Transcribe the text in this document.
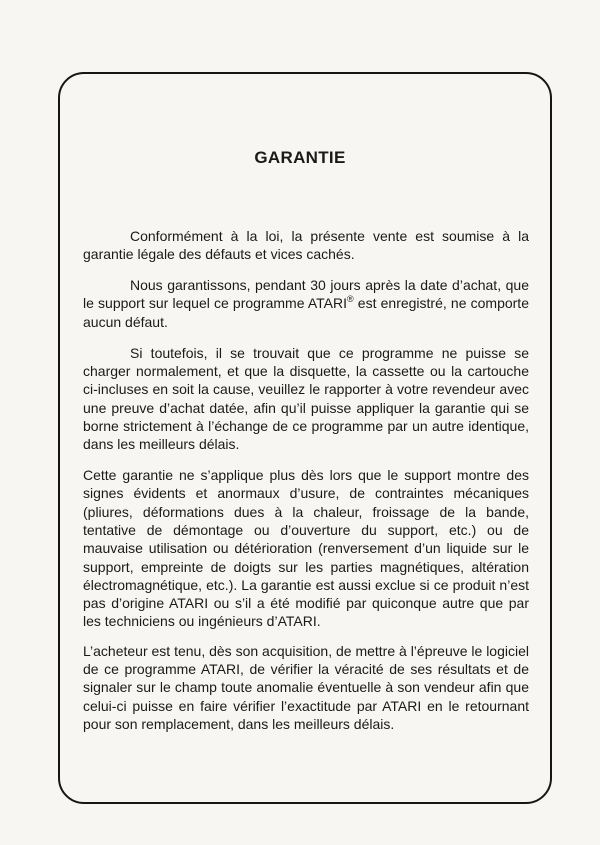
GARANTIE

Conformément à la loi, la présente vente est soumise à la garantie légale des défauts et vices cachés.

Nous garantissons, pendant 30 jours après la date d’achat, que le support sur lequel ce programme ATARI® est enregistré, ne comporte aucun défaut.

Si toutefois, il se trouvait que ce programme ne puisse se charger normalement, et que la disquette, la cassette ou la cartouche ci-incluses en soit la cause, veuillez le rapporter à votre revendeur avec une preuve d’achat datée, afin qu’il puisse appliquer la garantie qui se borne strictement à l’échange de ce programme par un autre identique, dans les meilleurs délais.

Cette garantie ne s’applique plus dès lors que le support montre des signes évidents et anormaux d’usure, de contraintes mécaniques (pliures, déformations dues à la chaleur, froissage de la bande, tentative de démontage ou d’ouverture du support, etc.) ou de mauvaise utilisation ou détérioration (renversement d’un liquide sur le support, empreinte de doigts sur les parties magnétiques, altération électromagnétique, etc.). La garantie est aussi exclue si ce produit n’est pas d’origine ATARI ou s’il a été modifié par quiconque autre que par les techniciens ou ingénieurs d’ATARI.

L’acheteur est tenu, dès son acquisition, de mettre à l’épreuve le logiciel de ce programme ATARI, de vérifier la véracité de ses résultats et de signaler sur le champ toute anomalie éventuelle à son vendeur afin que celui-ci puisse en faire vérifier l’exactitude par ATARI en le retournant pour son remplacement, dans les meilleurs délais.
